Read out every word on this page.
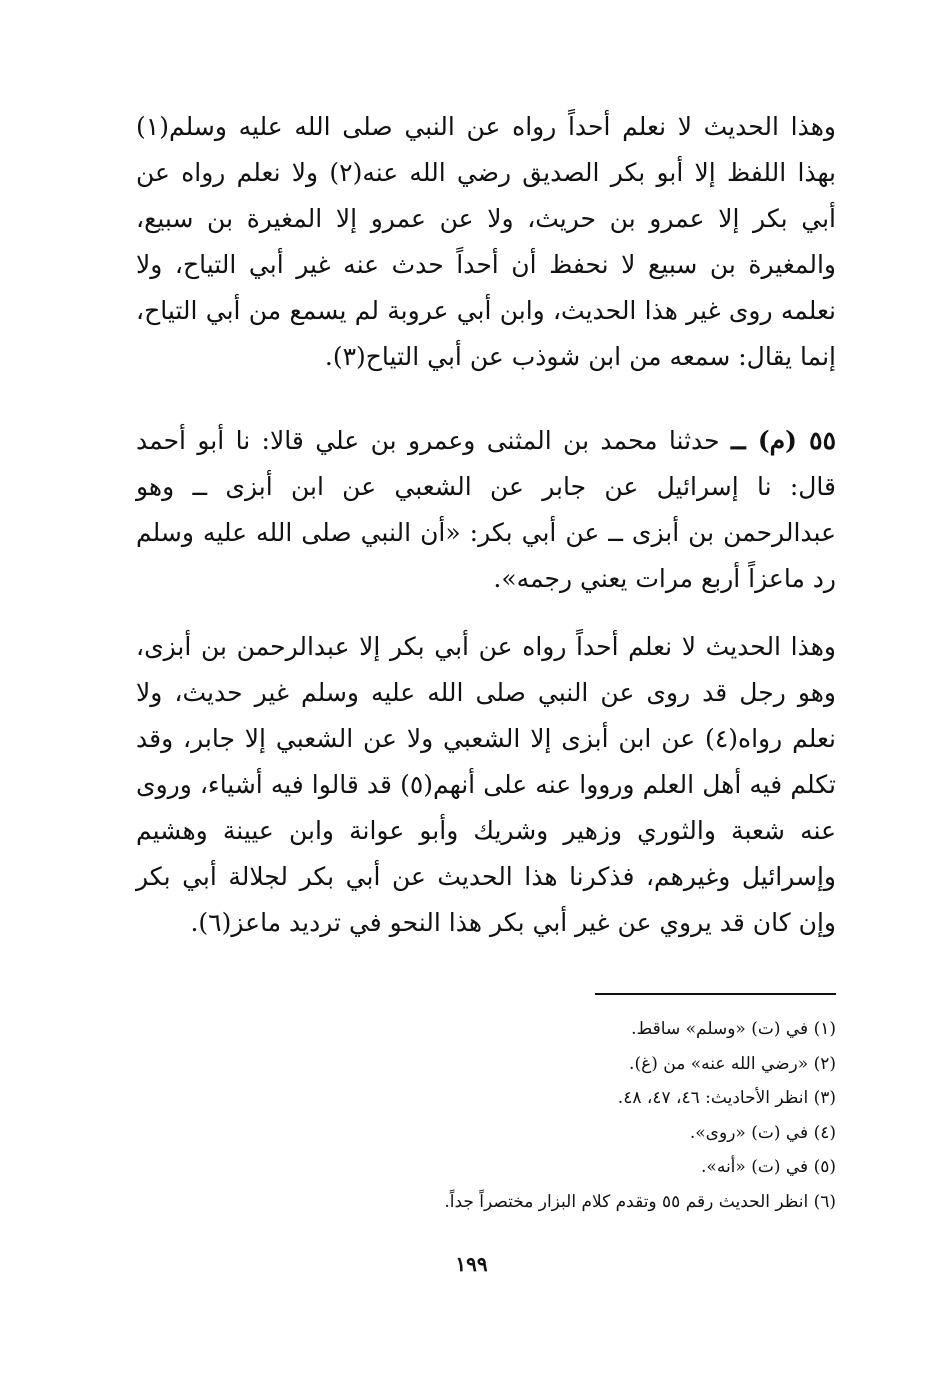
وهذا الحديث لا نعلم أحداً رواه عن النبي صلى الله عليه وسلم(١) بهذا اللفظ إلا أبو بكر الصديق رضي الله عنه(٢) ولا نعلم رواه عن أبي بكر إلا عمرو بن حريث، ولا عن عمرو إلا المغيرة بن سبيع، والمغيرة بن سبيع لا نحفظ أن أحداً حدث عنه غير أبي التياح، ولا نعلمه روى غير هذا الحديث، وابن أبي عروبة لم يسمع من أبي التياح، إنما يقال: سمعه من ابن شوذب عن أبي التياح(٣).

٥٥ (م) ــ حدثنا محمد بن المثنى وعمرو بن علي قالا: نا أبو أحمد قال: نا إسرائيل عن جابر عن الشعبي عن ابن أبزى ــ وهو عبدالرحمن بن أبزى ــ عن أبي بكر: «أن النبي صلى الله عليه وسلم رد ماعزاً أربع مرات يعني رجمه».

وهذا الحديث لا نعلم أحداً رواه عن أبي بكر إلا عبدالرحمن بن أبزى، وهو رجل قد روى عن النبي صلى الله عليه وسلم غير حديث، ولا نعلم رواه(٤) عن ابن أبزى إلا الشعبي ولا عن الشعبي إلا جابر، وقد تكلم فيه أهل العلم ورووا عنه على أنهم(٥) قد قالوا فيه أشياء، وروى عنه شعبة والثوري وزهير وشريك وأبو عوانة وابن عيينة وهشيم وإسرائيل وغيرهم، فذكرنا هذا الحديث عن أبي بكر لجلالة أبي بكر وإن كان قد يروي عن غير أبي بكر هذا النحو في ترديد ماعز(٦).

(١) في (ت) «وسلم» ساقط.
(٢) «رضي الله عنه» من (غ).
(٣) انظر الأحاديث: ٤٦، ٤٧، ٤٨.
(٤) في (ت) «روى».
(٥) في (ت) «أنه».
(٦) انظر الحديث رقم ٥٥ وتقدم كلام البزار مختصراً جداً.
١٩٩
